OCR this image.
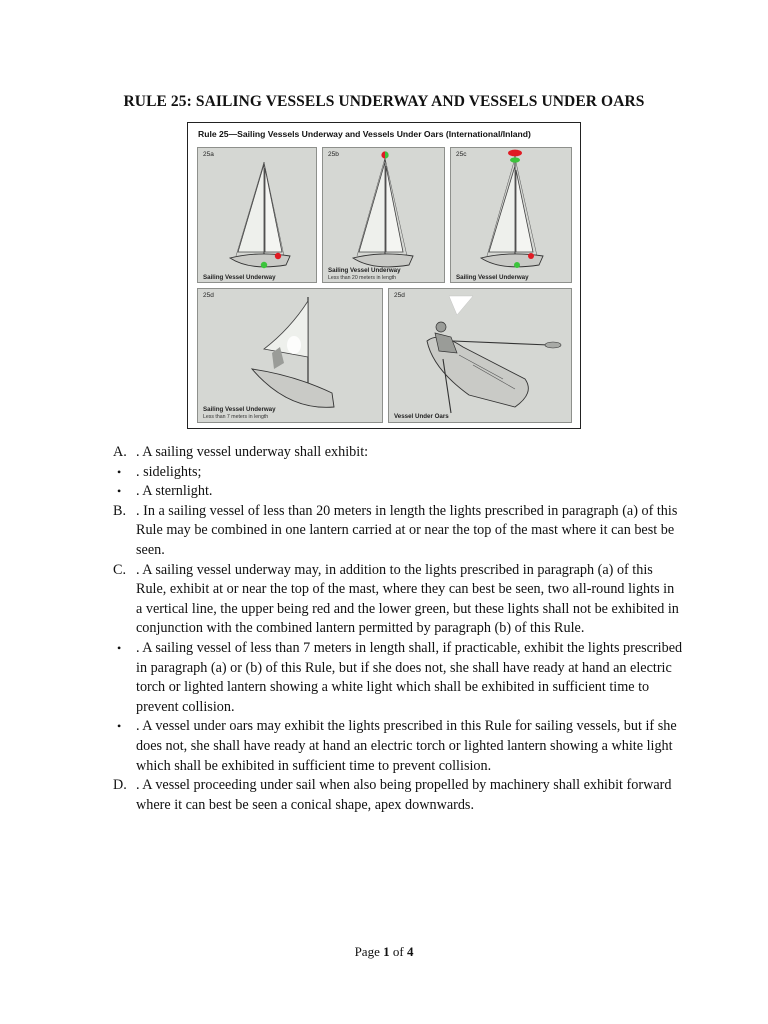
RULE 25: SAILING VESSELS UNDERWAY AND VESSELS UNDER OARS
Rule 25—Sailing Vessels Underway and Vessels Under Oars (International/Inland)
25a
Sailing Vessel Underway
25b
Sailing Vessel Underway
Less than 20 meters in length
25c
Sailing Vessel Underway
25d
Sailing Vessel Underway
Less than 7 meters in length
25d
Vessel Under Oars
A. . A sailing vessel underway shall exhibit:
• . sidelights;
• . A sternlight.
B. . In a sailing vessel of less than 20 meters in length the lights prescribed in paragraph (a) of this Rule may be combined in one lantern carried at or near the top of the mast where it can best be seen.
C. . A sailing vessel underway may, in addition to the lights prescribed in paragraph (a) of this Rule, exhibit at or near the top of the mast, where they can best be seen, two all-round lights in a vertical line, the upper being red and the lower green, but these lights shall not be exhibited in conjunction with the combined lantern permitted by paragraph (b) of this Rule.
• . A sailing vessel of less than 7 meters in length shall, if practicable, exhibit the lights prescribed in paragraph (a) or (b) of this Rule, but if she does not, she shall have ready at hand an electric torch or lighted lantern showing a white light which shall be exhibited in sufficient time to prevent collision.
• . A vessel under oars may exhibit the lights prescribed in this Rule for sailing vessels, but if she does not, she shall have ready at hand an electric torch or lighted lantern showing a white light which shall be exhibited in sufficient time to prevent collision.
D. . A vessel proceeding under sail when also being propelled by machinery shall exhibit forward where it can best be seen a conical shape, apex downwards.
Page 1 of 4
